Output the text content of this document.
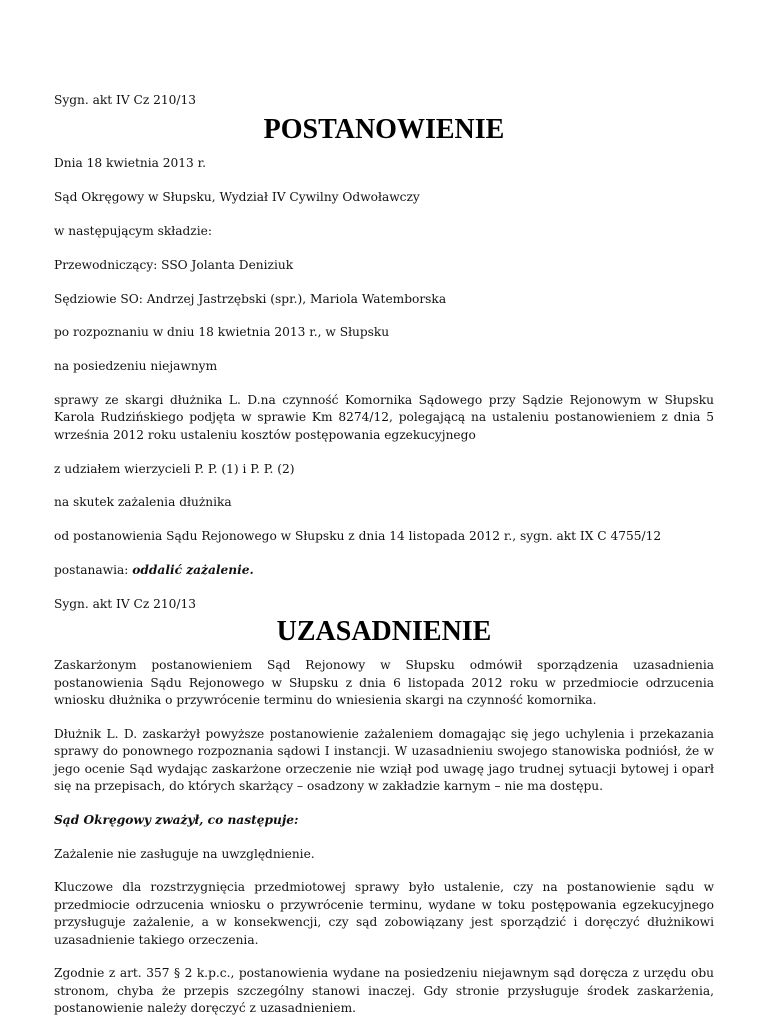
Sygn. akt IV Cz 210/13

POSTANOWIENIE

Dnia 18 kwietnia 2013 r.

Sąd Okręgowy w Słupsku, Wydział IV Cywilny Odwoławczy

w następującym składzie:

Przewodniczący: SSO Jolanta Deniziuk

Sędziowie SO: Andrzej Jastrzębski (spr.), Mariola Watemborska

po rozpoznaniu w dniu 18 kwietnia 2013 r., w Słupsku

na posiedzeniu niejawnym

sprawy ze skargi dłużnika L. D.na czynność Komornika Sądowego przy Sądzie Rejonowym w Słupsku Karola Rudzińskiego podjęta w sprawie Km 8274/12, polegającą na ustaleniu postanowieniem z dnia 5 września 2012 roku ustaleniu kosztów postępowania egzekucyjnego

z udziałem wierzycieli P. P. (1) i P. P. (2)

na skutek zażalenia dłużnika

od postanowienia Sądu Rejonowego w Słupsku z dnia 14 listopada 2012 r., sygn. akt IX C 4755/12

postanawia: oddalić zażalenie.

Sygn. akt IV Cz 210/13

UZASADNIENIE

Zaskarżonym postanowieniem Sąd Rejonowy w Słupsku odmówił sporządzenia uzasadnienia postanowienia Sądu Rejonowego w Słupsku z dnia 6 listopada 2012 roku w przedmiocie odrzucenia wniosku dłużnika o przywrócenie terminu do wniesienia skargi na czynność komornika.

Dłużnik L. D. zaskarżył powyższe postanowienie zażaleniem domagając się jego uchylenia i przekazania sprawy do ponownego rozpoznania sądowi I instancji. W uzasadnieniu swojego stanowiska podniósł, że w jego ocenie Sąd wydając zaskarżone orzeczenie nie wziął pod uwagę jago trudnej sytuacji bytowej i oparł się na przepisach, do których skarżący – osadzony w zakładzie karnym – nie ma dostępu.

Sąd Okręgowy zważył, co następuje:

Zażalenie nie zasługuje na uwzględnienie.

Kluczowe dla rozstrzygnięcia przedmiotowej sprawy było ustalenie, czy na postanowienie sądu w przedmiocie odrzucenia wniosku o przywrócenie terminu, wydane w toku postępowania egzekucyjnego przysługuje zażalenie, a w konsekwencji, czy sąd zobowiązany jest sporządzić i doręczyć dłużnikowi uzasadnienie takiego orzeczenia.

Zgodnie z art. 357 § 2 k.p.c., postanowienia wydane na posiedzeniu niejawnym sąd doręcza z urzędu obu stronom, chyba że przepis szczególny stanowi inaczej. Gdy stronie przysługuje środek zaskarżenia, postanowienie należy doręczyć z uzasadnieniem.
